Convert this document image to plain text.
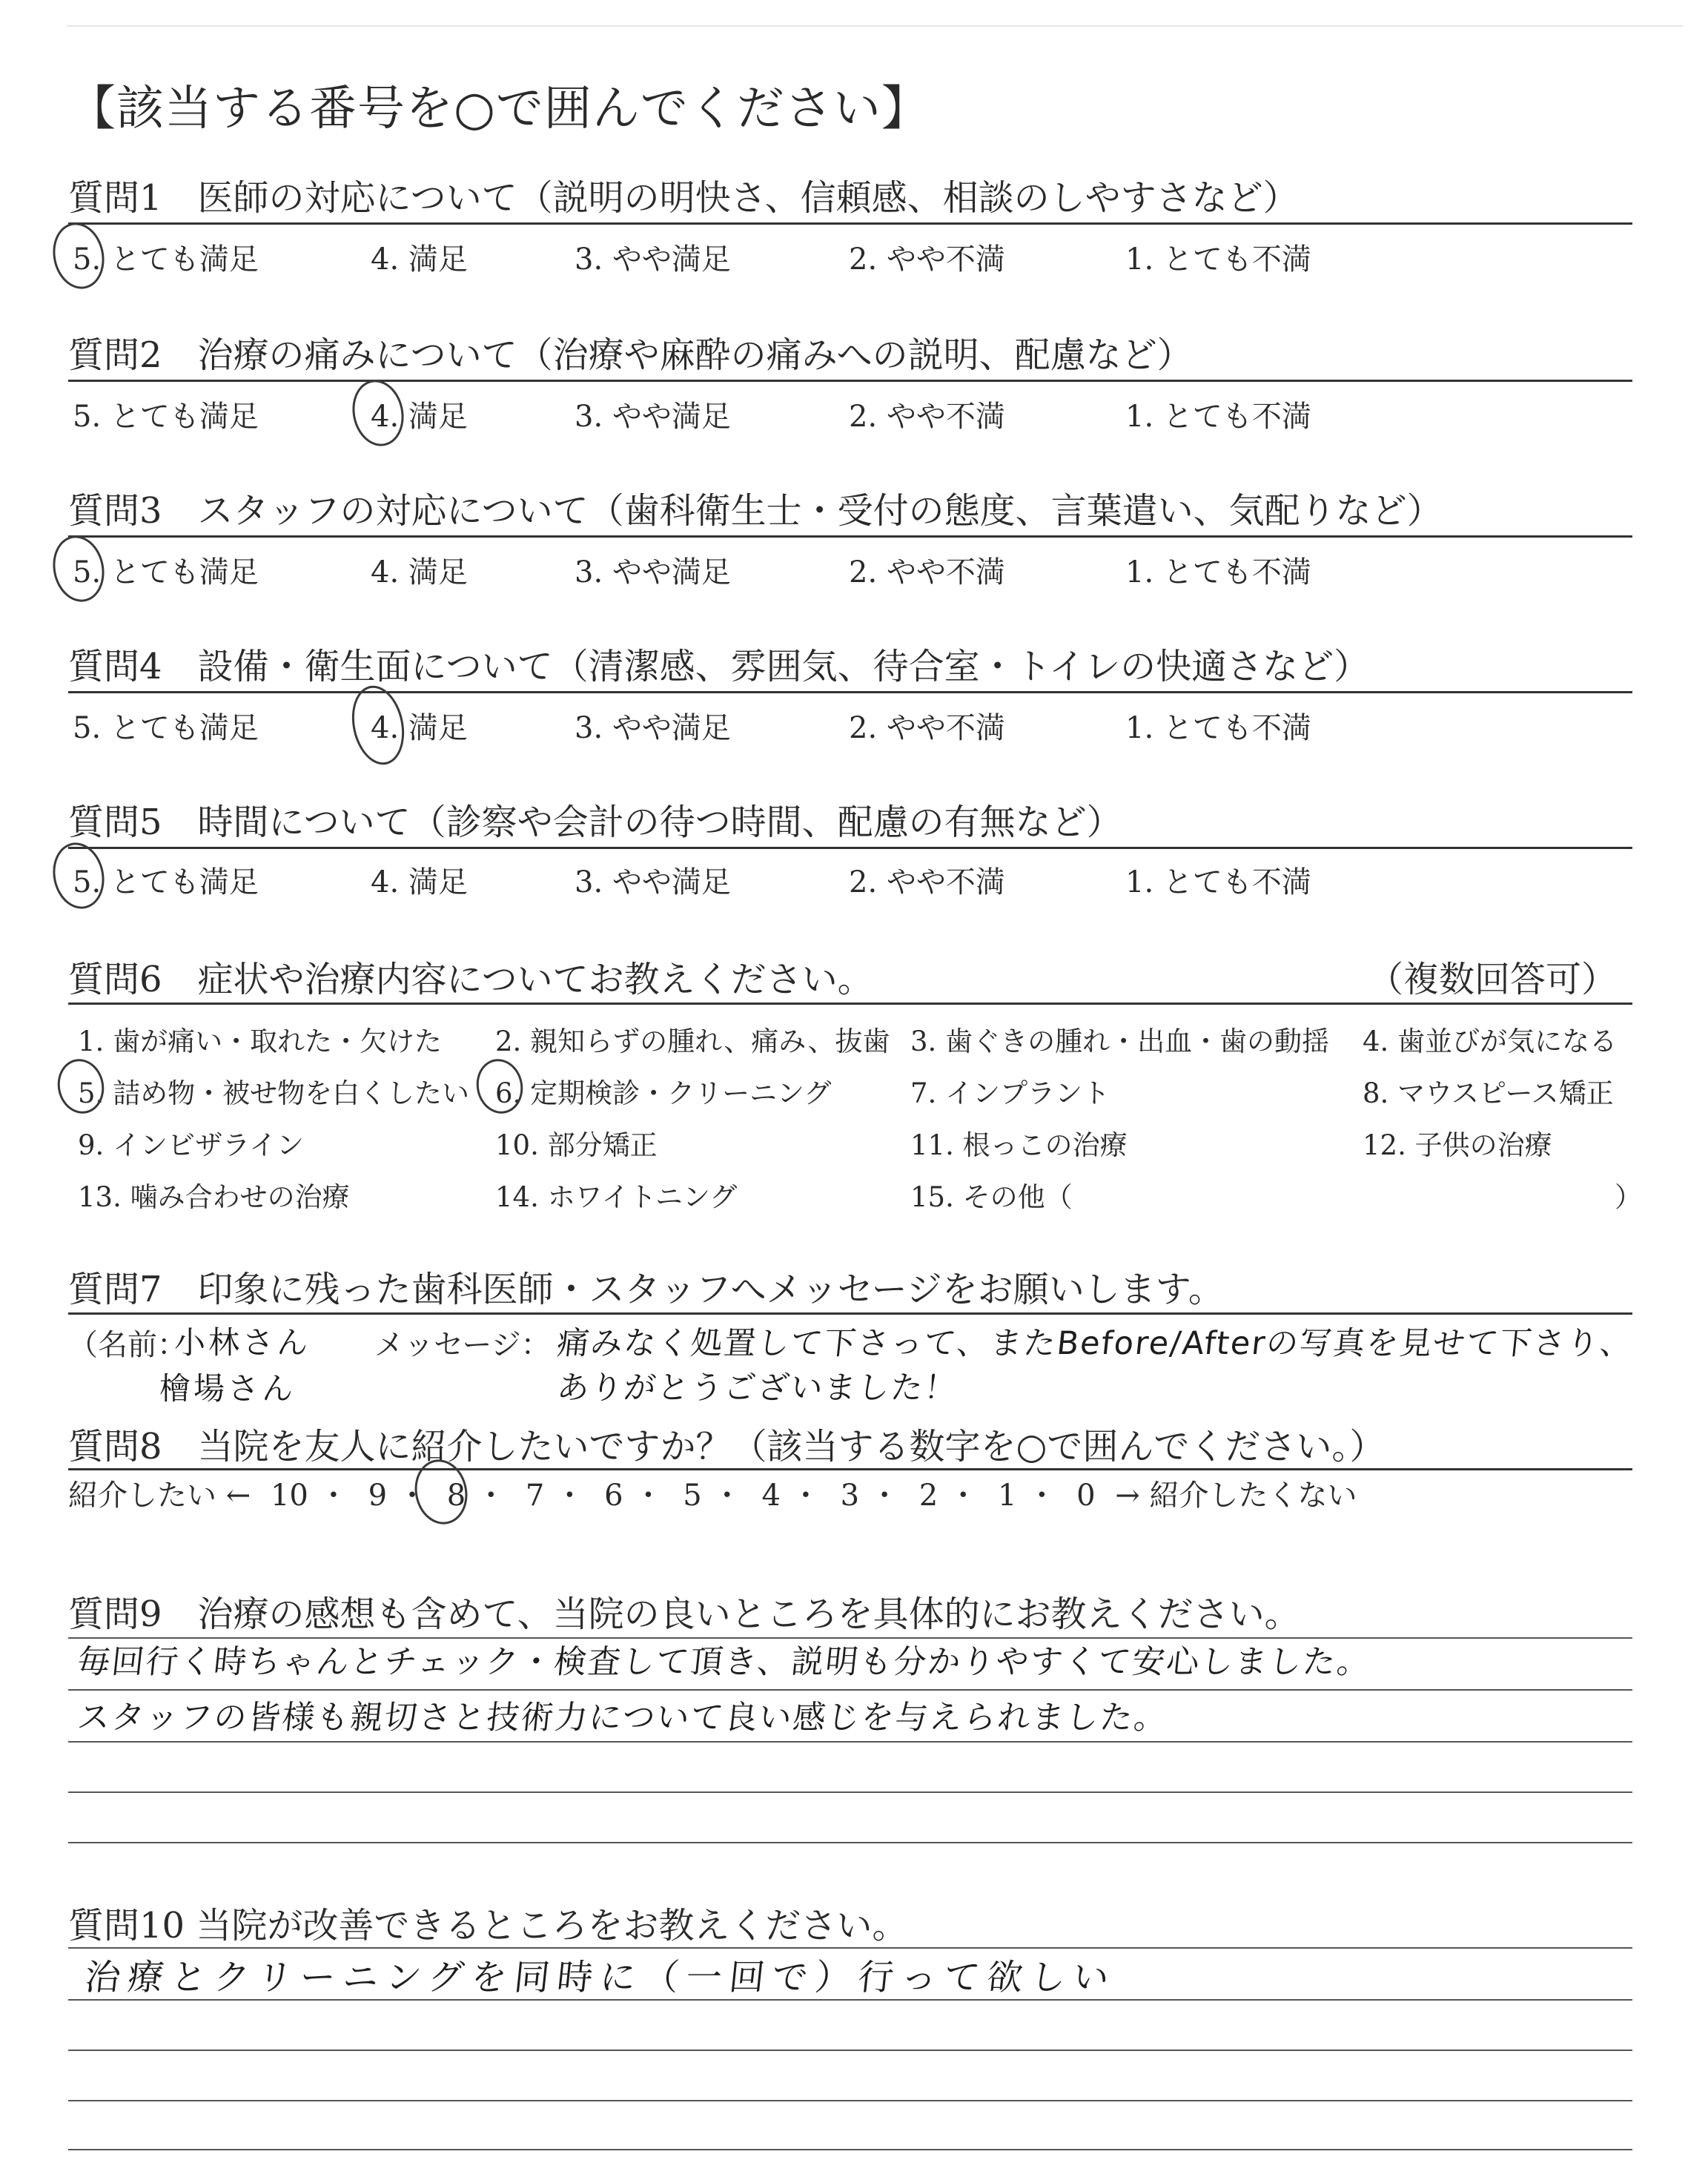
【該当する番号を○で囲んでください】
質問1　医師の対応について（説明の明快さ、信頼感、相談のしやすさなど）
5. とても満足	4. 満足	3. やや満足	2. やや不満	1. とても不満
質問2　治療の痛みについて（治療や麻酔の痛みへの説明、配慮など）
5. とても満足	4. 満足	3. やや満足	2. やや不満	1. とても不満
質問3　スタッフの対応について（歯科衛生士・受付の態度、言葉遣い、気配りなど）
5. とても満足	4. 満足	3. やや満足	2. やや不満	1. とても不満
質問4　設備・衛生面について（清潔感、雰囲気、待合室・トイレの快適さなど）
5. とても満足	4. 満足	3. やや満足	2. やや不満	1. とても不満
質問5　時間について（診察や会計の待つ時間、配慮の有無など）
5. とても満足	4. 満足	3. やや満足	2. やや不満	1. とても不満
質問6　症状や治療内容についてお教えください。	（複数回答可）
1. 歯が痛い・取れた・欠けた 2. 親知らずの腫れ、痛み、抜歯 3. 歯ぐきの腫れ・出血・歯の動揺 4. 歯並びが気になる
5. 詰め物・被せ物を白くしたい 6. 定期検診・クリーニング	7. インプラント	8. マウスピース矯正
9. インビザライン	10. 部分矯正	11. 根っこの治療	12. 子供の治療
13. 噛み合わせの治療	14. ホワイトニング	15. その他（	）
質問7　印象に残った歯科医師・スタッフへメッセージをお願いします。
（名前：
小林さん
檜場さん
メッセージ： 痛みなく処置して下さって、またBefore/Afterの写真を見せて下さり、
ありがとうございました！
質問8　当院を友人に紹介したいですか？（該当する数字を○で囲んでください。）
紹介したい ← 10 ・ 9 ・ 8 ・ 7 ・ 6 ・ 5 ・ 4 ・ 3 ・ 2 ・ 1 ・ 0 → 紹介したくない
質問9　治療の感想も含めて、当院の良いところを具体的にお教えください。
毎回行く時ちゃんとチェック・検査して頂き、説明も分かりやすくて安心しました。
スタッフの皆様も親切さと技術力について良い感じを与えられました。
質問10 当院が改善できるところをお教えください。
治療とクリーニングを同時に（一回で）行って欲しい
